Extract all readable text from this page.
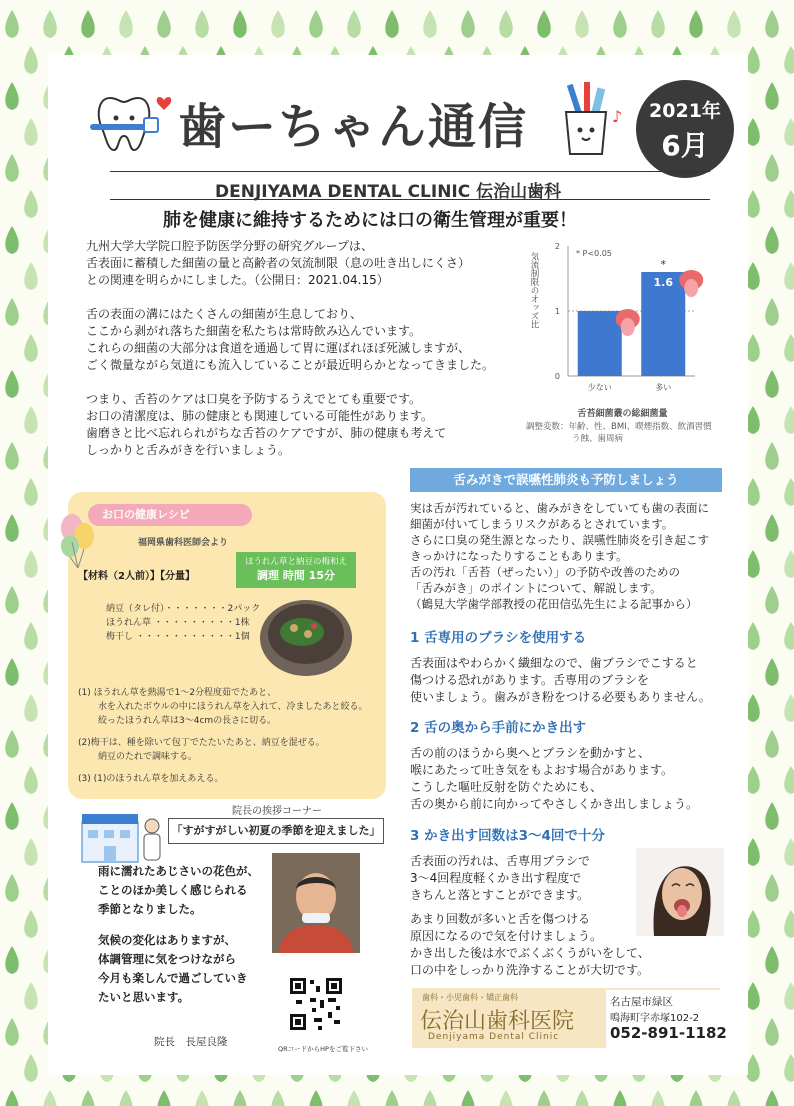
歯ーちゃん通信	♪	2021年
6月
DENJIYAMA DENTAL CLINIC 伝治山歯科
肺を健康に維持するためには口の衛生管理が重要！
九州大学大学院口腔予防医学分野の研究グループは、
舌表面に蓄積した細菌の量と高齢者の気流制限（息の吐き出しにくさ）
との関連を明らかにしました。（公開日：2021.04.15）
舌の表面の溝にはたくさんの細菌が生息しており、
ここから剥がれ落ちた細菌を私たちは常時飲み込んでいます。
これらの細菌の大部分は食道を通過して胃に運ばれほぼ死滅しますが、
ごく微量ながら気道にも流入していることが最近明らかとなってきました。
つまり、舌苔のケアは口臭を予防するうえでとても重要です。
お口の清潔度は、肺の健康とも関連している可能性があります。
歯磨きと比べ忘れられがちな舌苔のケアですが、肺の健康も考えて
しっかりと舌みがきを行いましょう。
2
1
0
* P<0.05
気流制限のオッズ比
少ない	多い
1.6
*
舌苔細菌叢の総細菌量
調整変数：年齢、性、BMI、喫煙指数、飲酒習慣
う蝕、歯周病
お口の健康レシピ
福岡県歯科医師会より
ほうれん草と納豆の梅和え
調理 時間 15分
【材料（2人前）】【分量】
納豆（タレ付）・・・・・・・2パック
ほうれん草 ・・・・・・・・・1株
梅干し ・・・・・・・・・・・1個
(1) ほうれん草を熱湯で1～2分程度茹でたあと、
水を入れたボウルの中にほうれん草を入れて、冷ましたあと絞る。
絞ったほうれん草は3～4cmの長さに切る。
(2)梅干は、種を除いて包丁でたたいたあと、納豆を混ぜる。
納豆のたれで調味する。
(3) (1)のほうれん草を加えあえる。
DENTAL CLINIC	院長の挨拶コーナー
「すがすがしい初夏の季節を迎えました」
雨に濡れたあじさいの花色が、
ことのほか美しく感じられる
季節となりました。
気候の変化はありますが、
体調管理に気をつけながら
今月も楽しんで過ごしていき
たいと思います。
院長　長屋良隆
QRコードからHPをご覧下さい
舌みがきで誤嚥性肺炎も予防しましょう
実は舌が汚れていると、歯みがきをしていても歯の表面に
細菌が付いてしまうリスクがあるとされています。
さらに口臭の発生源となったり、誤嚥性肺炎を引き起こす
きっかけになったりすることもあります。
舌の汚れ「舌苔（ぜったい）」の予防や改善のための
「舌みがき」のポイントについて、解説します。
（鶴見大学歯学部教授の花田信弘先生による記事から）
1 舌専用のブラシを使用する
舌表面はやわらかく繊細なので、歯ブラシでこすると
傷つける恐れがあります。舌専用のブラシを
使いましょう。歯みがき粉をつける必要もありません。
2 舌の奥から手前にかき出す
舌の前のほうから奥へとブラシを動かすと、
喉にあたって吐き気をもよおす場合があります。
こうした嘔吐反射を防ぐためにも、
舌の奥から前に向かってやさしくかき出しましょう。
3 かき出す回数は3～4回で十分
舌表面の汚れは、舌専用ブラシで
3～4回程度軽くかき出す程度で
きちんと落とすことができます。
あまり回数が多いと舌を傷つける
原因になるので気を付けましょう。
かき出した後は水でぶくぶくうがいをして、
口の中をしっかり洗浄することが大切です。
歯科・小児歯科・矯正歯科
伝治山歯科医院
Denjiyama Dental Clinic
名古屋市緑区
鳴海町字赤塚102-2
052-891-1182
